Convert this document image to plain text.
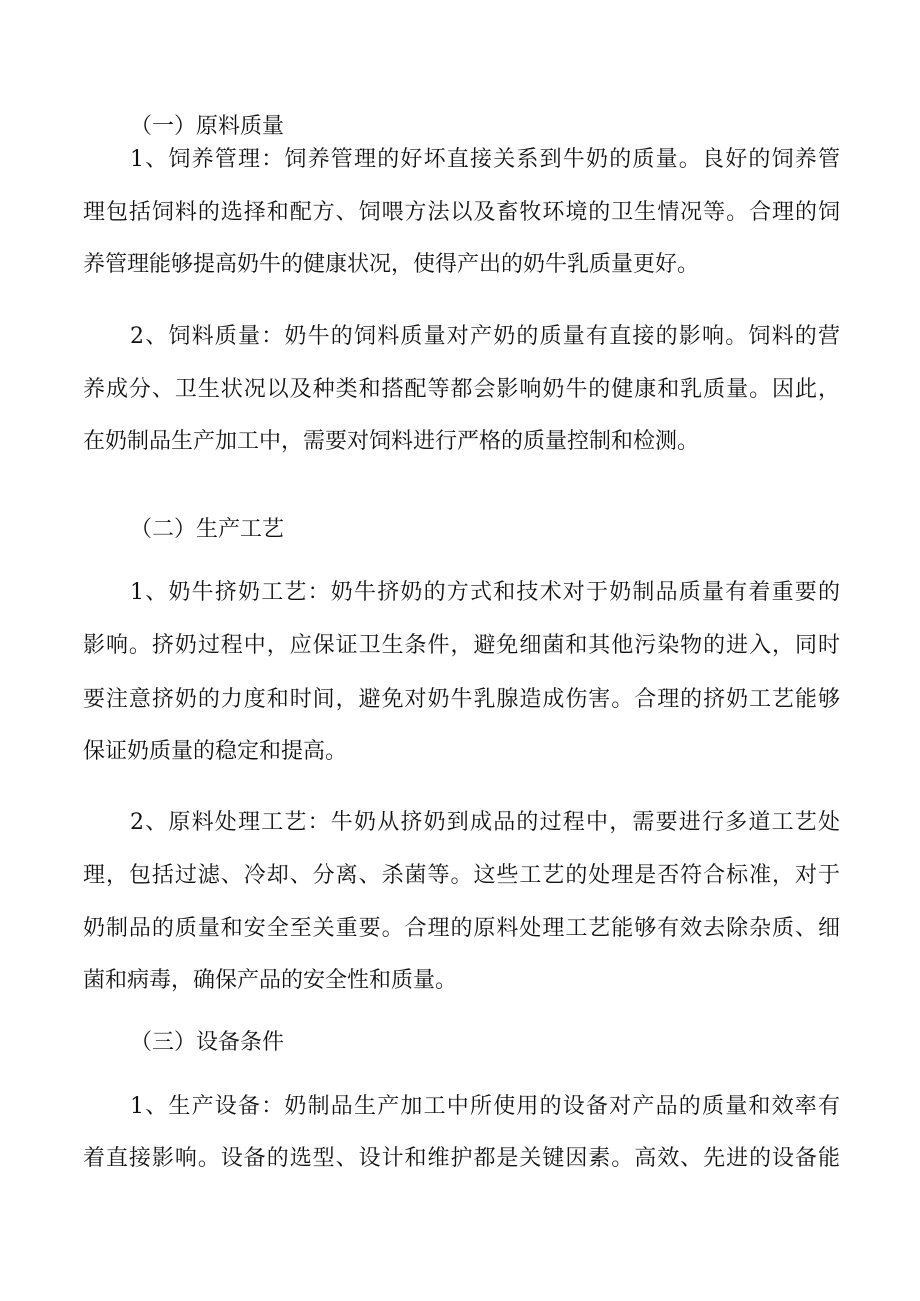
（一）原料质量
1、饲养管理：饲养管理的好坏直接关系到牛奶的质量。良好的饲养管
理包括饲料的选择和配方、饲喂方法以及畜牧环境的卫生情况等。合理的饲
养管理能够提高奶牛的健康状况，使得产出的奶牛乳质量更好。
2、饲料质量：奶牛的饲料质量对产奶的质量有直接的影响。饲料的营
养成分、卫生状况以及种类和搭配等都会影响奶牛的健康和乳质量。因此，
在奶制品生产加工中，需要对饲料进行严格的质量控制和检测。
（二）生产工艺
1、奶牛挤奶工艺：奶牛挤奶的方式和技术对于奶制品质量有着重要的
影响。挤奶过程中，应保证卫生条件，避免细菌和其他污染物的进入，同时
要注意挤奶的力度和时间，避免对奶牛乳腺造成伤害。合理的挤奶工艺能够
保证奶质量的稳定和提高。
2、原料处理工艺：牛奶从挤奶到成品的过程中，需要进行多道工艺处
理，包括过滤、冷却、分离、杀菌等。这些工艺的处理是否符合标准，对于
奶制品的质量和安全至关重要。合理的原料处理工艺能够有效去除杂质、细
菌和病毒，确保产品的安全性和质量。
（三）设备条件
1、生产设备：奶制品生产加工中所使用的设备对产品的质量和效率有
着直接影响。设备的选型、设计和维护都是关键因素。高效、先进的设备能
